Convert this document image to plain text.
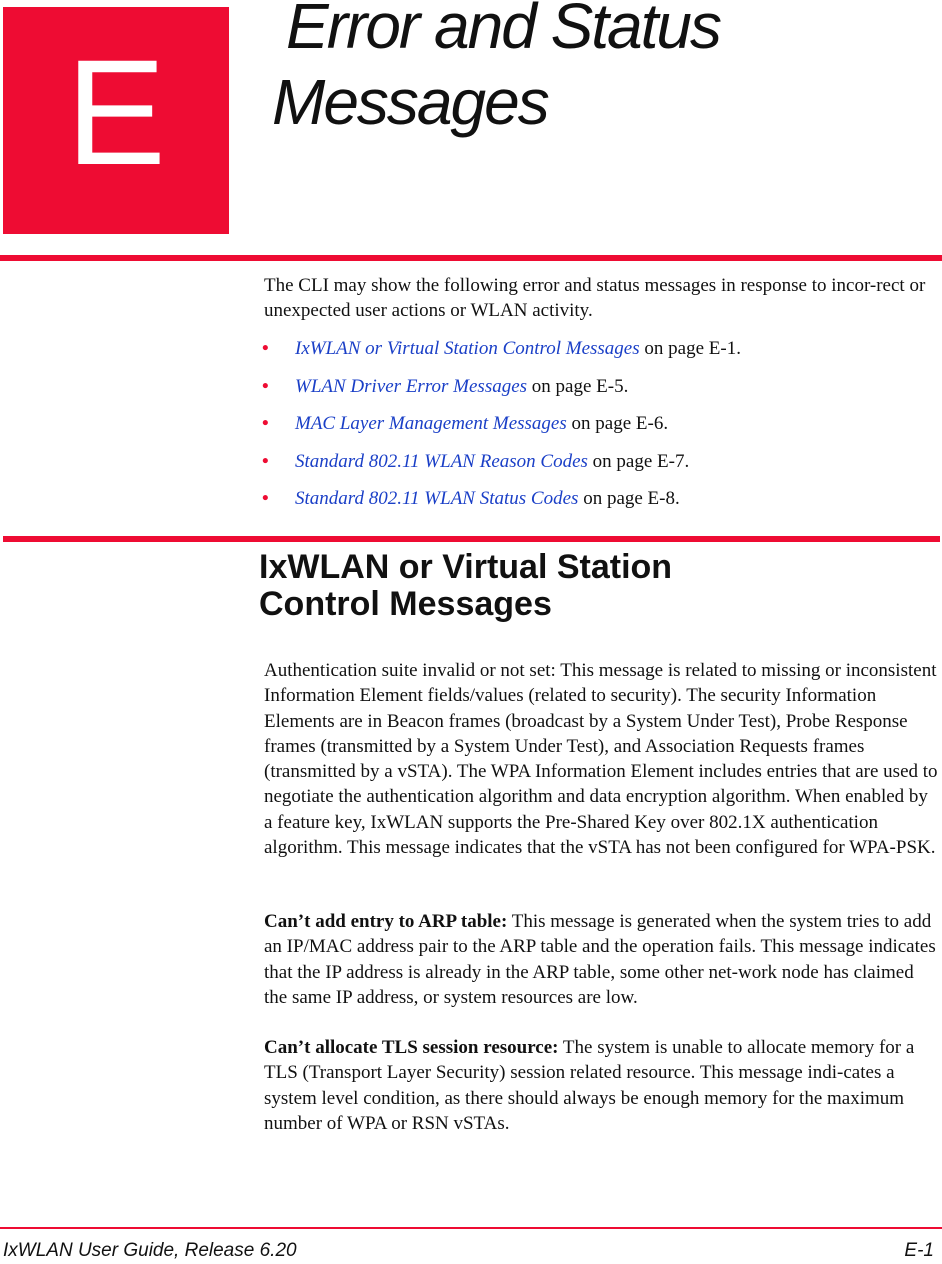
E
Error and Status
Messages

The CLI may show the following error and status messages in response to incor-rect or unexpected user actions or WLAN activity.

• IxWLAN or Virtual Station Control Messages on page E-1.
• WLAN Driver Error Messages on page E-5.
• MAC Layer Management Messages on page E-6.
• Standard 802.11 WLAN Reason Codes on page E-7.
• Standard 802.11 WLAN Status Codes on page E-8.
IxWLAN or Virtual Station
Control Messages

Authentication suite invalid or not set: This message is related to missing or inconsistent Information Element fields/values (related to security). The security Information Elements are in Beacon frames (broadcast by a System Under Test), Probe Response frames (transmitted by a System Under Test), and Association Requests frames (transmitted by a vSTA). The WPA Information Element includes entries that are used to negotiate the authentication algorithm and data encryption algorithm. When enabled by a feature key, IxWLAN supports the Pre-Shared Key over 802.1X authentication algorithm. This message indicates that the vSTA has not been configured for WPA-PSK.

Can’t add entry to ARP table: This message is generated when the system tries to add an IP/MAC address pair to the ARP table and the operation fails. This message indicates that the IP address is already in the ARP table, some other net-work node has claimed the same IP address, or system resources are low.

Can’t allocate TLS session resource: The system is unable to allocate memory for a TLS (Transport Layer Security) session related resource. This message indi-cates a system level condition, as there should always be enough memory for the maximum number of WPA or RSN vSTAs.

IxWLAN User Guide, Release 6.20	E-1
